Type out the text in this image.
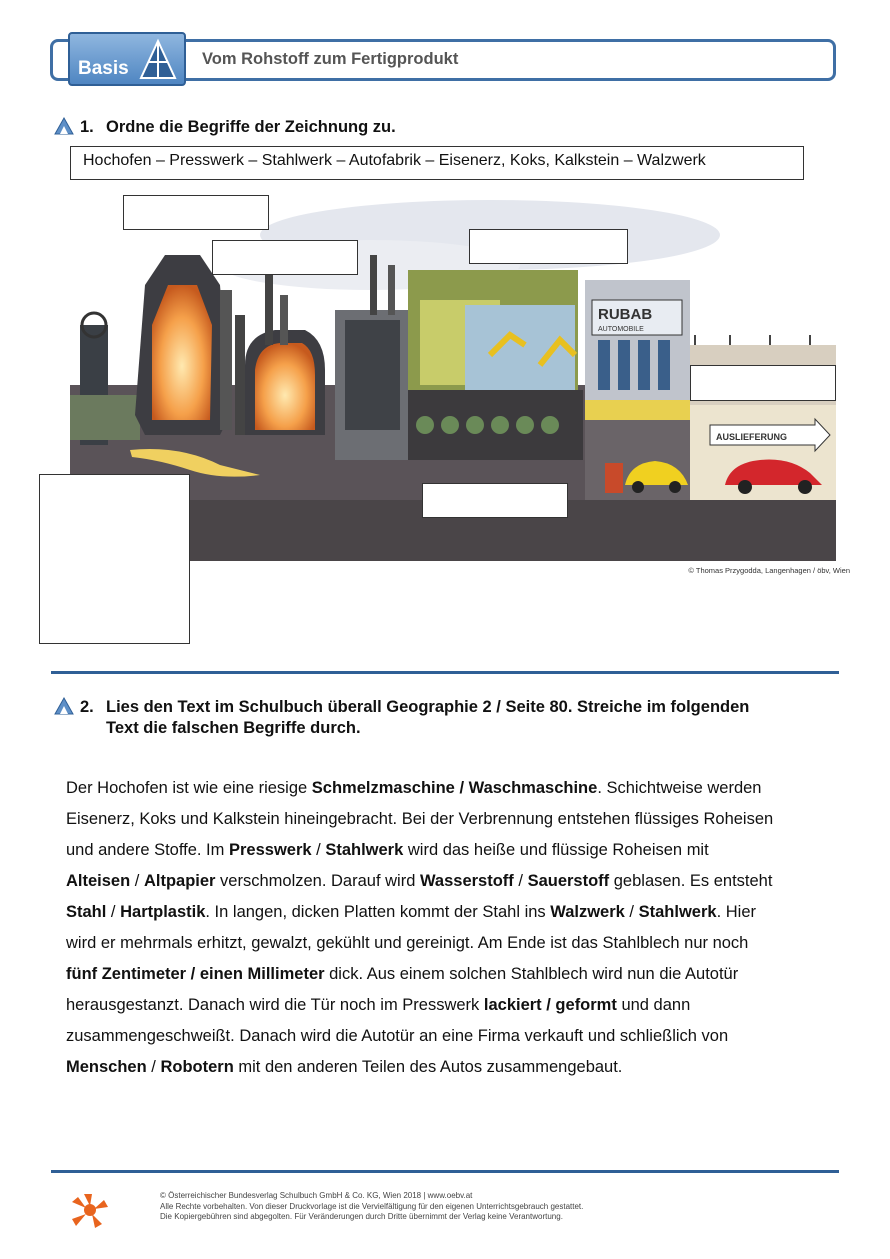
Basis	Vom Rohstoff zum Fertigprodukt
1. Ordne die Begriffe der Zeichnung zu.
Hochofen – Presswerk – Stahlwerk – Autofabrik – Eisenerz, Koks, Kalkstein – Walzwerk
RUBAB
AUTOMOBILE
AUSLIEFERUNG
© Thomas Przygodda, Langenhagen / öbv, Wien
2. Lies den Text im Schulbuch überall Geographie 2 / Seite 80. Streiche im folgenden
Text die falschen Begriffe durch.
Der Hochofen ist wie eine riesige Schmelzmaschine / Waschmaschine. Schichtweise werden
Eisenerz, Koks und Kalkstein hineingebracht. Bei der Verbrennung entstehen flüssiges Roheisen
und andere Stoffe. Im Presswerk / Stahlwerk wird das heiße und flüssige Roheisen mit
Alteisen / Altpapier verschmolzen. Darauf wird Wasserstoff / Sauerstoff geblasen. Es entsteht
Stahl / Hartplastik. In langen, dicken Platten kommt der Stahl ins Walzwerk / Stahlwerk. Hier
wird er mehrmals erhitzt, gewalzt, gekühlt und gereinigt. Am Ende ist das Stahlblech nur noch
fünf Zentimeter / einen Millimeter dick. Aus einem solchen Stahlblech wird nun die Autotür
herausgestanzt. Danach wird die Tür noch im Presswerk lackiert / geformt und dann
zusammengeschweißt. Danach wird die Autotür an eine Firma verkauft und schließlich von
Menschen / Robotern mit den anderen Teilen des Autos zusammengebaut.
© Österreichischer Bundesverlag Schulbuch GmbH & Co. KG, Wien 2018 | www.oebv.at
Alle Rechte vorbehalten. Von dieser Druckvorlage ist die Vervielfältigung für den eigenen Unterrichtsgebrauch gestattet.
Die Kopiergebühren sind abgegolten. Für Veränderungen durch Dritte übernimmt der Verlag keine Verantwortung.
